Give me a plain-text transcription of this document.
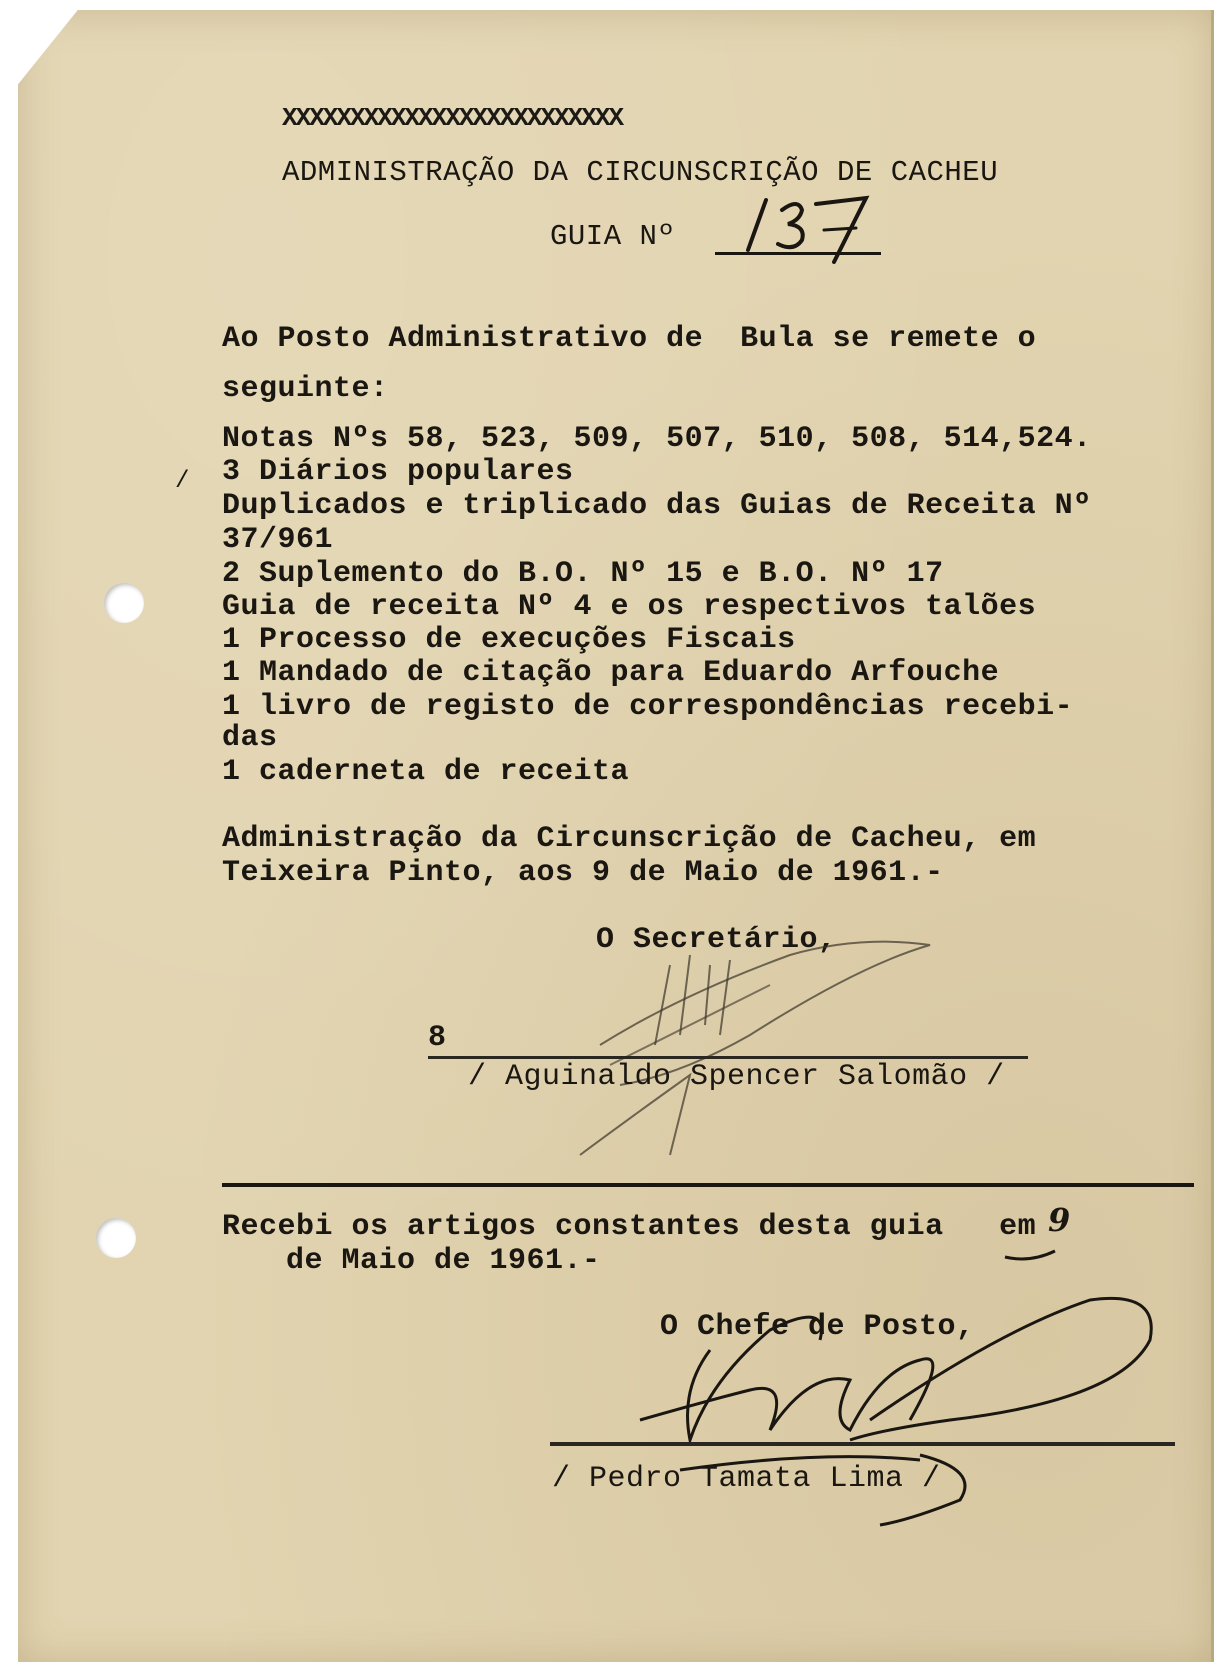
XXXXXXXXXXXXXXXXXXXXXXXXX
ADMINISTRAÇÃO DA CIRCUNSCRIÇÃO DE CACHEU
GUIA Nº
Ao Posto Administrativo de  Bula se remete o
seguinte:
Notas Nºs 58, 523, 509, 507, 510, 508, 514,524.
/ 3 Diários populares
Duplicados e triplicado das Guias de Receita Nº
37/961
2 Suplemento do B.O. Nº 15 e B.O. Nº 17
Guia de receita Nº 4 e os respectivos talões
1 Processo de execuções Fiscais
1 Mandado de citação para Eduardo Arfouche
1 livro de registo de correspondências recebi-
das
1 caderneta de receita
Administração da Circunscrição de Cacheu, em
Teixeira Pinto, aos 9 de Maio de 1961.-
O Secretário,
8
/ Aguinaldo Spencer Salomão /
Recebi os artigos constantes desta guia   em 9
de Maio de 1961.-
O Chefe de Posto,
/ Pedro Tamata Lima /
